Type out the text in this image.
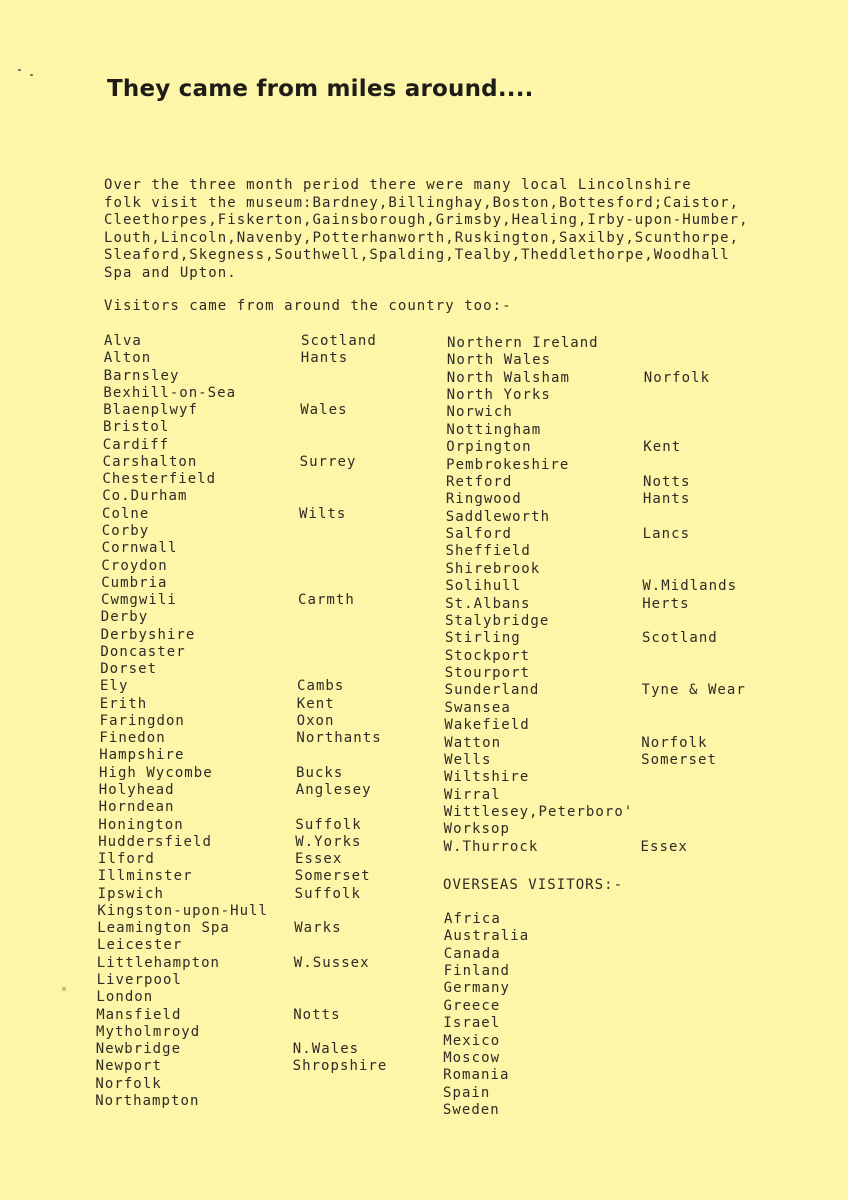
They came from miles around....

Over the three month period there were many local Lincolnshire
folk visit the museum:Bardney,Billinghay,Boston,Bottesford;Caistor,
Cleethorpes,Fiskerton,Gainsborough,Grimsby,Healing,Irby-upon-Humber,
Louth,Lincoln,Navenby,Potterhanworth,Ruskington,Saxilby,Scunthorpe,
Sleaford,Skegness,Southwell,Spalding,Tealby,Theddlethorpe,Woodhall
Spa and Upton.

Visitors came from around the country too:-
Alva	Scotland
Alton	Hants
Barnsley
Bexhill-on-Sea
Blaenplwyf	Wales
Bristol
Cardiff
Carshalton	Surrey
Chesterfield
Co.Durham
Colne	Wilts
Corby
Cornwall
Croydon
Cumbria
Cwmgwili	Carmth
Derby
Derbyshire
Doncaster
Dorset
Ely	Cambs
Erith	Kent
Faringdon	Oxon
Finedon	Northants
Hampshire
High Wycombe	Bucks
Holyhead	Anglesey
Horndean
Honington	Suffolk
Huddersfield	W.Yorks
Ilford	Essex
Illminster	Somerset
Ipswich	Suffolk
Kingston-upon-Hull
Leamington Spa	Warks
Leicester
Littlehampton	W.Sussex
Liverpool
London
Mansfield	Notts
Mytholmroyd
Newbridge	N.Wales
Newport	Shropshire
Norfolk
Northampton
Northern Ireland
North Wales
North Walsham	Norfolk
North Yorks
Norwich
Nottingham
Orpington	Kent
Pembrokeshire
Retford	Notts
Ringwood	Hants
Saddleworth
Salford	Lancs
Sheffield
Shirebrook
Solihull	W.Midlands
St.Albans	Herts
Stalybridge
Stirling	Scotland
Stockport
Stourport
Sunderland	Tyne & Wear
Swansea
Wakefield
Watton	Norfolk
Wells	Somerset
Wiltshire
Wirral
Wittlesey,Peterboro'
Worksop
W.Thurrock	Essex
OVERSEAS VISITORS:-
Africa
Australia
Canada
Finland
Germany
Greece
Israel
Mexico
Moscow
Romania
Spain
Sweden
